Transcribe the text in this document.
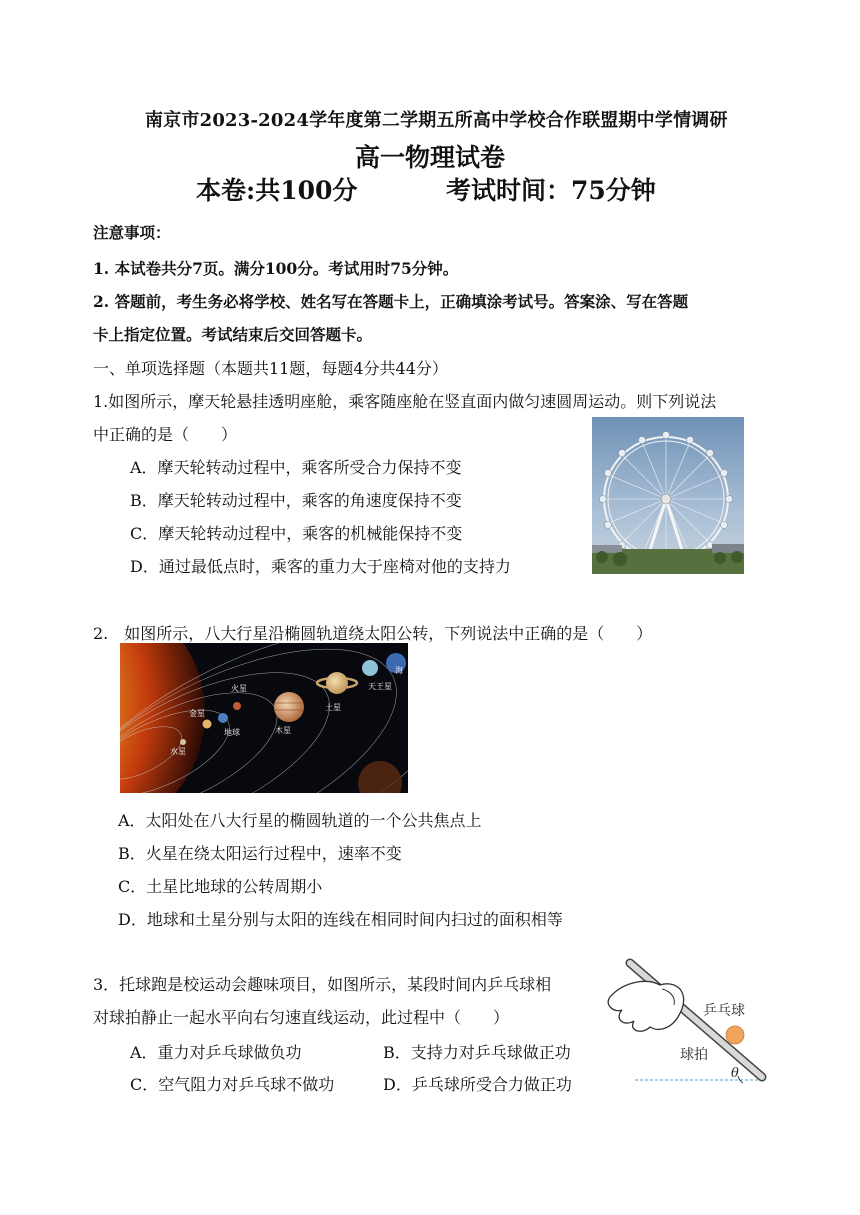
南京市2023-2024学年度第二学期五所高中学校合作联盟期中学情调研
高一物理试卷
本卷:共100分	考试时间：75分钟
注意事项：
1. 本试卷共分7页。满分100分。考试用时75分钟。
2. 答题前，考生务必将学校、姓名写在答题卡上，正确填涂考试号。答案涂、写在答题
卡上指定位置。考试结束后交回答题卡。
一、单项选择题（本题共11题，每题4分共44分）
1.如图所示，摩天轮悬挂透明座舱，乘客随座舱在竖直面内做匀速圆周运动。则下列说法
中正确的是（　　）
A．摩天轮转动过程中，乘客所受合力保持不变
B．摩天轮转动过程中，乘客的角速度保持不变
C．摩天轮转动过程中，乘客的机械能保持不变
D．通过最低点时，乘客的重力大于座椅对他的支持力
2.　如图所示，八大行星沿椭圆轨道绕太阳公转，下列说法中正确的是（　　）
水星
金星
地球
火星
木星
土星
天王星
海
A．太阳处在八大行星的椭圆轨道的一个公共焦点上
B．火星在绕太阳运行过程中，速率不变
C．土星比地球的公转周期小
D．地球和土星分别与太阳的连线在相同时间内扫过的面积相等
3．托球跑是校运动会趣味项目，如图所示，某段时间内乒乓球相
对球拍静止一起水平向右匀速直线运动，此过程中（　　）
A．重力对乒乓球做负功	B．支持力对乒乓球做正功
C．空气阻力对乒乓球不做功	D．乒乓球所受合力做正功
乒乓球
球拍
θ
